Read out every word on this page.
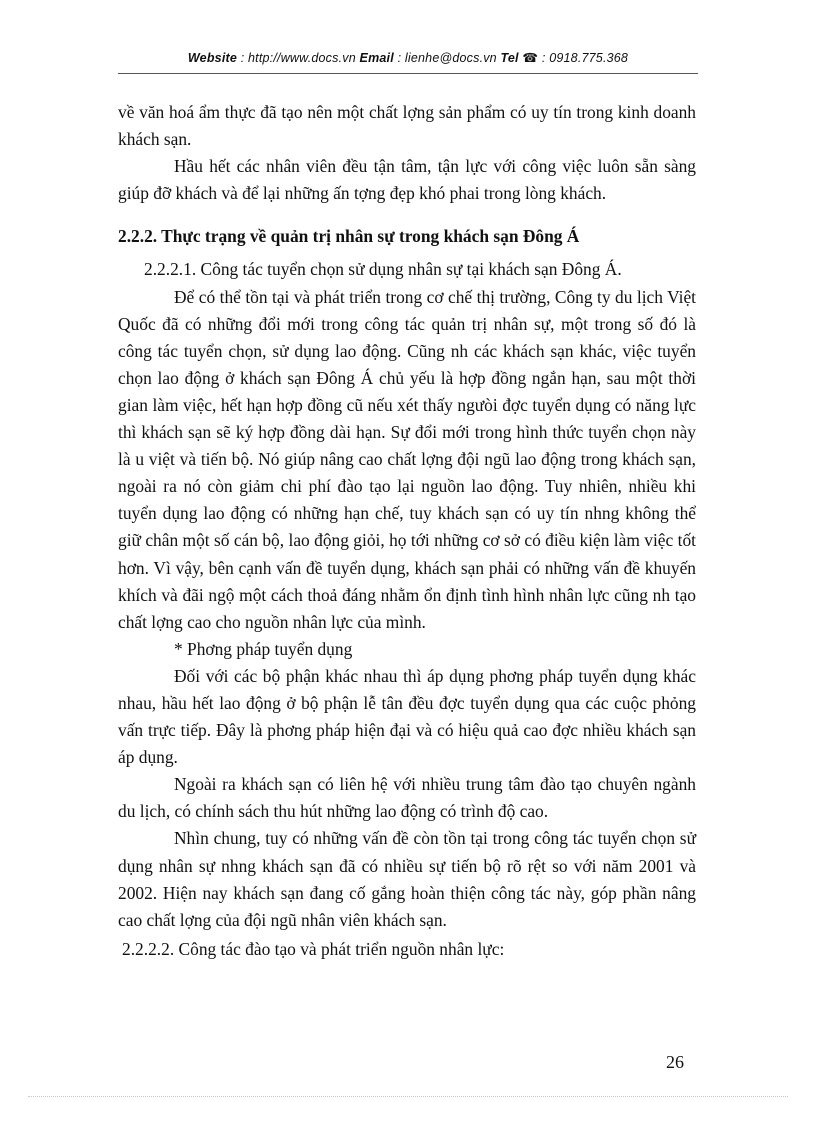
Website : http://www.docs.vn Email : lienhe@docs.vn Tel ☎ : 0918.775.368

về văn hoá ẩm thực đã tạo nên một chất lợng sản phẩm có uy tín trong kinh doanh khách sạn.

Hầu hết các nhân viên đều tận tâm, tận lực với công việc luôn sẵn sàng giúp đỡ khách và để lại những ấn tợng đẹp khó phai trong lòng khách.

2.2.2. Thực trạng về quản trị nhân sự trong khách sạn Đông Á

2.2.2.1. Công tác tuyển chọn sử dụng nhân sự tại khách sạn Đông Á.

Để có thể tồn tại và phát triển trong cơ chế thị trường, Công ty du lịch Việt Quốc đã có những đổi mới trong công tác quản trị nhân sự, một trong số đó là công tác tuyển chọn, sử dụng lao động. Cũng nh các khách sạn khác, việc tuyển chọn lao động ở khách sạn Đông Á chủ yếu là hợp đồng ngắn hạn, sau một thời gian làm việc, hết hạn hợp đồng cũ nếu xét thấy ngưòi đợc tuyển dụng có năng lực thì khách sạn sẽ ký hợp đồng dài hạn. Sự đổi mới trong hình thức tuyển chọn này là u việt và tiến bộ. Nó giúp nâng cao chất lợng đội ngũ lao động trong khách sạn, ngoài ra nó còn giảm chi phí đào tạo lại nguồn lao động. Tuy nhiên, nhiều khi tuyển dụng lao động có những hạn chế, tuy khách sạn có uy tín nhng không thể giữ chân một số cán bộ, lao động giỏi, họ tới những cơ sở có điều kiện làm việc tốt hơn. Vì vậy, bên cạnh vấn đề tuyển dụng, khách sạn phải có những vấn đề khuyến khích và đãi ngộ một cách thoả đáng nhằm ổn định tình hình nhân lực cũng nh tạo chất lợng cao cho nguồn nhân lực của mình.

* Phơng pháp tuyển dụng

Đối với các bộ phận khác nhau thì áp dụng phơng pháp tuyển dụng khác nhau, hầu hết lao động ở bộ phận lễ tân đều đợc tuyển dụng qua các cuộc phỏng vấn trực tiếp. Đây là phơng pháp hiện đại và có hiệu quả cao đợc nhiều khách sạn áp dụng.

Ngoài ra khách sạn có liên hệ với nhiều trung tâm đào tạo chuyên ngành du lịch, có chính sách thu hút những lao động có trình độ cao.

Nhìn chung, tuy có những vấn đề còn tồn tại trong công tác tuyển chọn sử dụng nhân sự nhng khách sạn đã có nhiều sự tiến bộ rõ rệt so với năm 2001 và 2002. Hiện nay khách sạn đang cố gắng hoàn thiện công tác này, góp phần nâng cao chất lợng của đội ngũ nhân viên khách sạn.

2.2.2.2. Công tác đào tạo và phát triển nguồn nhân lực:

26
